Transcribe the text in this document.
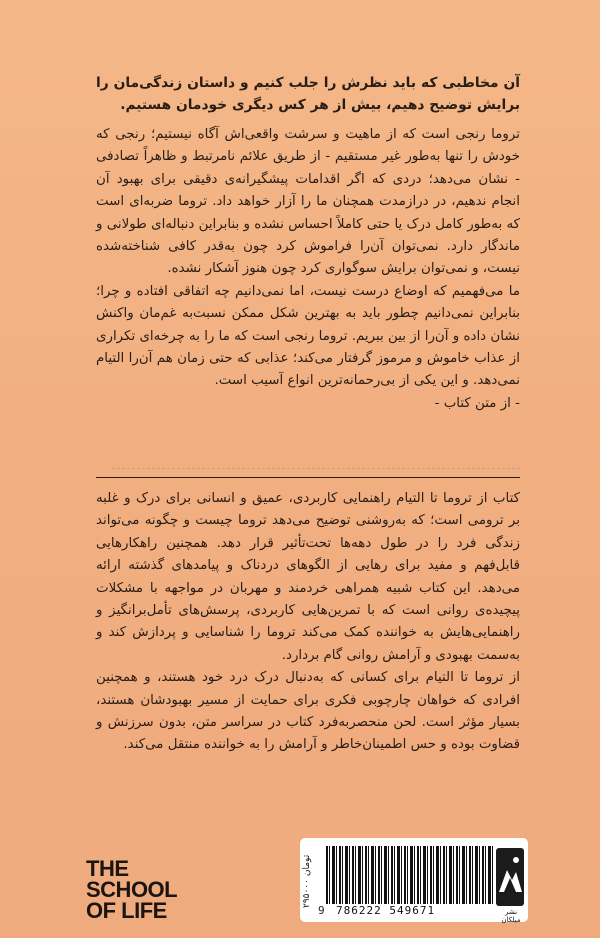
آن مخاطبی که باید نظرش را جلب کنیم و داستان زندگی‌مان را برایش توضیح دهیم، بیش از هر کس دیگری خودمان هستیم.

تروما رنجی است که از ماهیت و سرشت واقعی‌اش آگاه نیستیم؛ رنجی که خودش را تنها به‌طور غیر مستقیم - از طریق علائم نامرتبط و ظاهراً تصادفی - نشان می‌دهد؛ دردی که اگر اقدامات پیشگیرانه‌ی دقیقی برای بهبود آن انجام ندهیم، در درازمدت همچنان ما را آزار خواهد داد. تروما ضربه‌ای است که به‌طور کامل درک یا حتی کاملاً احساس نشده و بنابراین دنباله‌ای طولانی و ماندگار دارد. نمی‌توان آن‌را فراموش کرد چون به‌قدر کافی شناخته‌شده نیست، و نمی‌توان برایش سوگواری کرد چون هنوز آشکار نشده.

ما می‌فهمیم که اوضاع درست نیست، اما نمی‌دانیم چه اتفاقی افتاده و چرا؛ بنابراین نمی‌دانیم چطور باید به بهترین شکل ممکن نسبت‌به غم‌مان واکنش نشان داده و آن‌را از بین ببریم. تروما رنجی است که ما را به چرخه‌ای تکراری از عذاب خاموش و مرموز گرفتار می‌کند؛ عذابی که حتی زمان هم آن‌را التیام نمی‌دهد. و این یکی از بی‌رحمانه‌ترین انواع آسیب است.

- از متن کتاب -

کتاب از تروما تا التیام راهنمایی کاربردی، عمیق و انسانی برای درک و غلبه بر ترومی است؛ که به‌روشنی توضیح می‌دهد تروما چیست و چگونه می‌تواند زندگی فرد را در طول دهه‌ها تحت‌تأثیر قرار دهد. همچنین راهکارهایی قابل‌فهم و مفید برای رهایی از الگوهای دردناک و پیامدهای گذشته ارائه می‌دهد. این کتاب شبیه همراهی خردمند و مهربان در مواجهه با مشکلات پیچیده‌ی روانی است که با تمرین‌هایی کاربردی، پرسش‌های تأمل‌برانگیز و راهنمایی‌هایش به خواننده کمک می‌کند تروما را شناسایی و پردازش کند و به‌سمت بهبودی و آرامش روانی گام بردارد.

از تروما تا التیام برای کسانی که به‌دنبال درک درد خود هستند، و همچنین افرادی که خواهان چارچوبی فکری برای حمایت از مسیر بهبودشان هستند، بسیار مؤثر است. لحن منحصر‌به‌فرد کتاب در سراسر متن، بدون سرزنش و قضاوت بوده و حس اطمینان‌خاطر و آرامش را به خواننده منتقل می‌کند.

THE
SCHOOL
OF LIFE
۲۹۵۰۰۰ تومان
9 786222 549671	نشر میلکان
